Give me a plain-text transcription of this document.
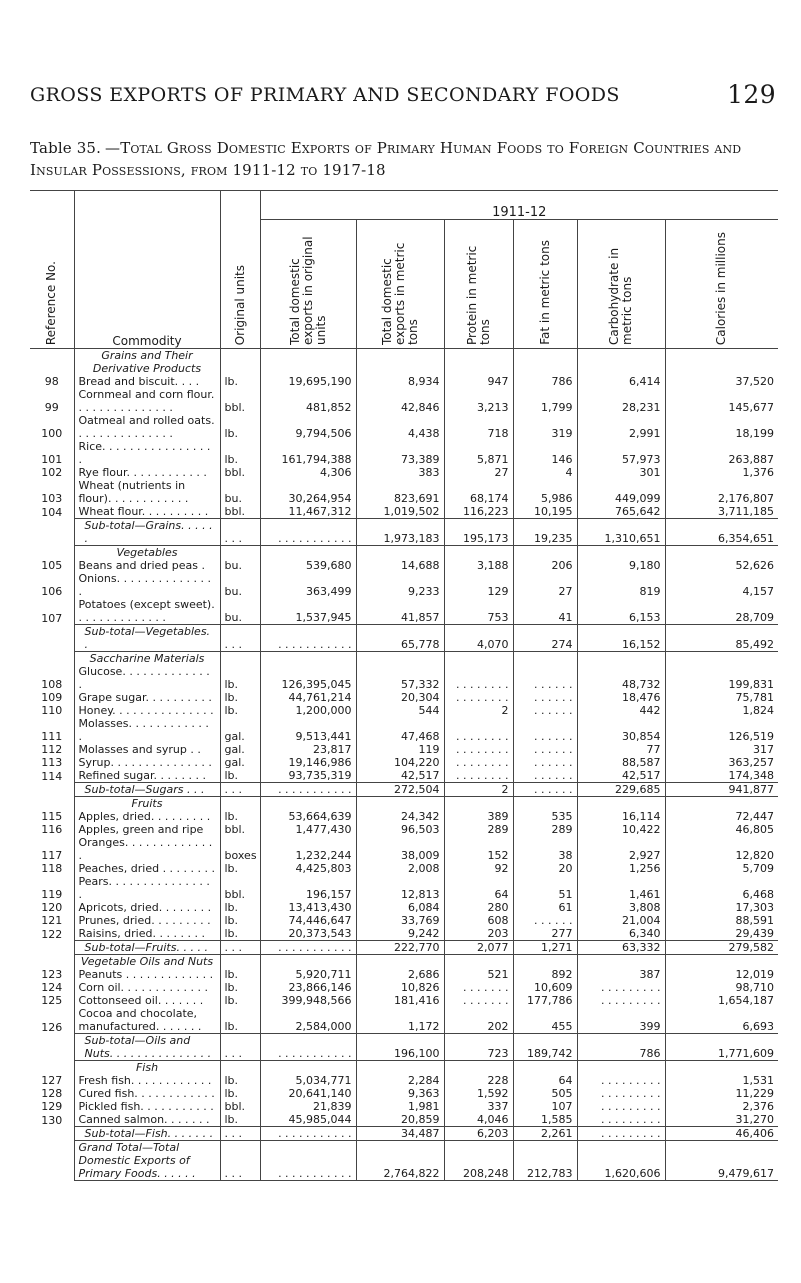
GROSS EXPORTS OF PRIMARY AND SECONDARY FOODS	129
Table 35. —Total Gross Domestic Exports of Primary Human Foods to Foreign Countries and Insular Possessions, from 1911-12 to 1917-18
Reference No.	Commodity	Original units	1911-12					
			Total domestic exports in original units	Total domestic exports in metric tons	Protein in metric tons	Fat in metric tons	Carbohydrate in metric tons	Calories in millions
	Grains and Their Derivative Products							
98	Bread and biscuit. . . .	lb.	19,695,190	8,934	947	786	6,414	37,520
99	Cornmeal and corn flour. . . . . . . . . . . . . . .	bbl.	481,852	42,846	3,213	1,799	28,231	145,677
100	Oatmeal and rolled oats. . . . . . . . . . . . . . .	lb.	9,794,506	4,438	718	319	2,991	18,199
101	Rice. . . . . . . . . . . . . . . . .	lb.	161,794,388	73,389	5,871	146	57,973	263,887
102	Rye flour. . . . . . . . . . . .	bbl.	4,306	383	27	4	301	1,376
103	Wheat (nutrients in flour). . . . . . . . . . . .	bu.	30,264,954	823,691	68,174	5,986	449,099	2,176,807
104	Wheat flour. . . . . . . . . .	bbl.	11,467,312	1,019,502	116,223	10,195	765,642	3,711,185
	Sub-total—Grains. . . . . .	. . .	. . . . . . . . . . .	1,973,183	195,173	19,235	1,310,651	6,354,651
	Vegetables							
105	Beans and dried peas .	bu.	539,680	14,688	3,188	206	9,180	52,626
106	Onions. . . . . . . . . . . . . . .	bu.	363,499	9,233	129	27	819	4,157
107	Potatoes (except sweet). . . . . . . . . . . . . .	bu.	1,537,945	41,857	753	41	6,153	28,709
	Sub-total—Vegetables. .	. . .	. . . . . . . . . . .	65,778	4,070	274	16,152	85,492
	Saccharine Materials							
108	Glucose. . . . . . . . . . . . . .	lb.	126,395,045	57,332	. . . . . . . .	. . . . . .	48,732	199,831
109	Grape sugar. . . . . . . . . .	lb.	44,761,214	20,304	. . . . . . . .	. . . . . .	18,476	75,781
110	Honey. . . . . . . . . . . . . . .	lb.	1,200,000	544	2	. . . . . .	442	1,824
111	Molasses. . . . . . . . . . . . .	gal.	9,513,441	47,468	. . . . . . . .	. . . . . .	30,854	126,519
112	Molasses and syrup . .	gal.	23,817	119	. . . . . . . .	. . . . . .	77	317
113	Syrup. . . . . . . . . . . . . . .	gal.	19,146,986	104,220	. . . . . . . .	. . . . . .	88,587	363,257
114	Refined sugar. . . . . . . .	lb.	93,735,319	42,517	. . . . . . . .	. . . . . .	42,517	174,348
	Sub-total—Sugars . . .	. . .	. . . . . . . . . . .	272,504	2	. . . . . .	229,685	941,877
	Fruits							
115	Apples, dried. . . . . . . . .	lb.	53,664,639	24,342	389	535	16,114	72,447
116	Apples, green and ripe	bbl.	1,477,430	96,503	289	289	10,422	46,805
117	Oranges. . . . . . . . . . . . . .	boxes	1,232,244	38,009	152	38	2,927	12,820
118	Peaches, dried . . . . . . . .	lb.	4,425,803	2,008	92	20	1,256	5,709
119	Pears. . . . . . . . . . . . . . . .	bbl.	196,157	12,813	64	51	1,461	6,468
120	Apricots, dried. . . . . . . .	lb.	13,413,430	6,084	280	61	3,808	17,303
121	Prunes, dried. . . . . . . . .	lb.	74,446,647	33,769	608	. . . . . .	21,004	88,591
122	Raisins, dried. . . . . . . .	lb.	20,373,543	9,242	203	277	6,340	29,439
	Sub-total—Fruits. . . . .	. . .	. . . . . . . . . . .	222,770	2,077	1,271	63,332	279,582
	Vegetable Oils and Nuts							
123	Peanuts . . . . . . . . . . . . .	lb.	5,920,711	2,686	521	892	387	12,019
124	Corn oil. . . . . . . . . . . . .	lb.	23,866,146	10,826	. . . . . . .	10,609	. . . . . . . . .	98,710
125	Cottonseed oil. . . . . . .	lb.	399,948,566	181,416	. . . . . . .	177,786	. . . . . . . . .	1,654,187
126	Cocoa and chocolate, manufactured. . . . . . .	lb.	2,584,000	1,172	202	455	399	6,693
	Sub-total—Oils and Nuts. . . . . . . . . . . . . . .	. . .	. . . . . . . . . . .	196,100	723	189,742	786	1,771,609
	Fish							
127	Fresh fish. . . . . . . . . . . .	lb.	5,034,771	2,284	228	64	. . . . . . . . .	1,531
128	Cured fish. . . . . . . . . . . .	lb.	20,641,140	9,363	1,592	505	. . . . . . . . .	11,229
129	Pickled fish. . . . . . . . . . .	bbl.	21,839	1,981	337	107	. . . . . . . . .	2,376
130	Canned salmon. . . . . . .	lb.	45,985,044	20,859	4,046	1,585	. . . . . . . . .	31,270
	Sub-total—Fish. . . . . . .	. . .	. . . . . . . . . . .	34,487	6,203	2,261	. . . . . . . . .	46,406
	Grand Total—Total Domestic Exports of Primary Foods. . . . . .	. . .	. . . . . . . . . . .	2,764,822	208,248	212,783	1,620,606	9,479,617
